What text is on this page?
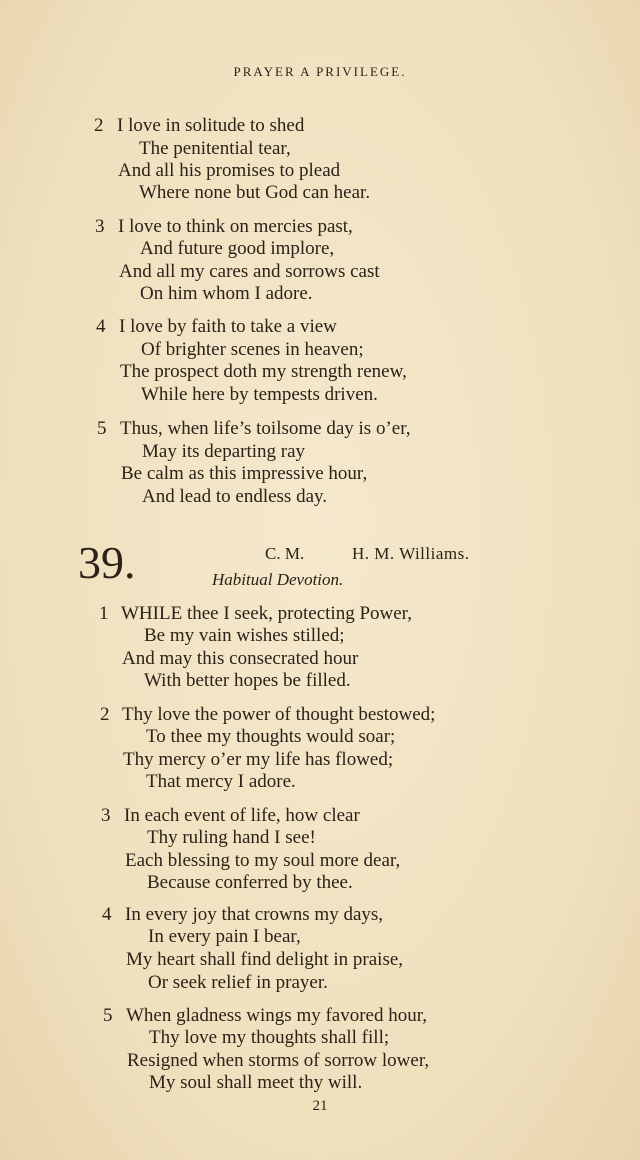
PRAYER A PRIVILEGE.
2 I love in solitude to shed
The penitential tear,
And all his promises to plead
Where none but God can hear.
3 I love to think on mercies past,
And future good implore,
And all my cares and sorrows cast
On him whom I adore.
4 I love by faith to take a view
Of brighter scenes in heaven;
The prospect doth my strength renew,
While here by tempests driven.
5 Thus, when life’s toilsome day is o’er,
May its departing ray
Be calm as this impressive hour,
And lead to endless day.
39.	C. M.	H. M. Williams.
Habitual Devotion.
1 WHILE thee I seek, protecting Power,
Be my vain wishes stilled;
And may this consecrated hour
With better hopes be filled.
2 Thy love the power of thought bestowed;
To thee my thoughts would soar;
Thy mercy o’er my life has flowed;
That mercy I adore.
3 In each event of life, how clear
Thy ruling hand I see!
Each blessing to my soul more dear,
Because conferred by thee.
4 In every joy that crowns my days,
In every pain I bear,
My heart shall find delight in praise,
Or seek relief in prayer.
5 When gladness wings my favored hour,
Thy love my thoughts shall fill;
Resigned when storms of sorrow lower,
My soul shall meet thy will.
21
